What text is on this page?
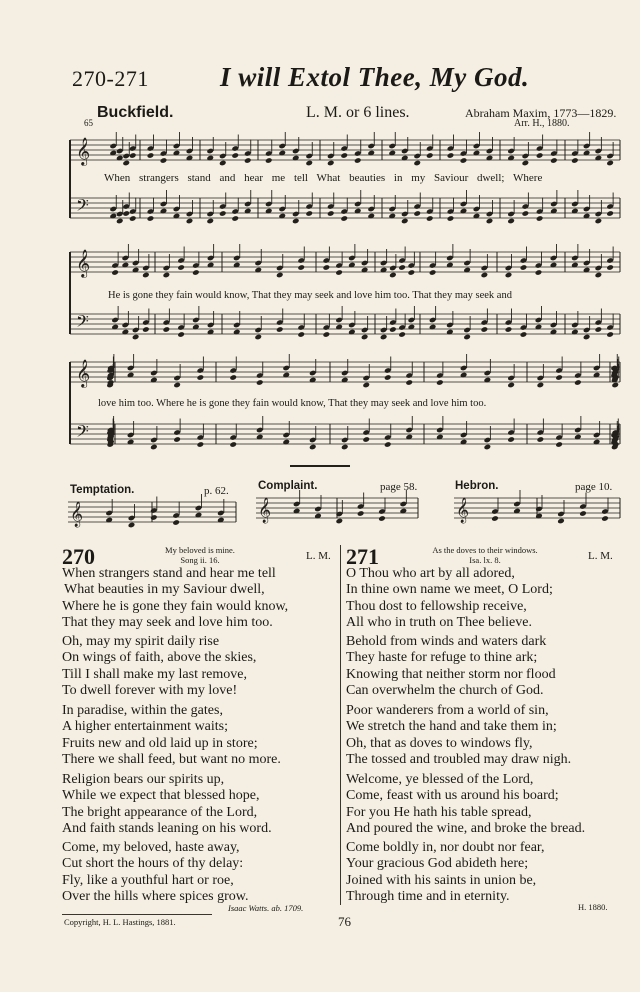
270-271	I will Extol Thee, My God.
Buckfield.
65
L. M. or 6 lines.	Abraham Maxim, 1773—1829.
Arr. H., 1880.
𝄞
𝄢
𝄞
𝄢
𝄞
𝄢
𝄞	𝄞	𝄞
When strangers stand and hear me tell What beauties in my Saviour dwell; Where
He is gone they fain would know, That they may seek and love him too. That they may seek and
love him too. Where he is gone they fain would know, That they may seek and love him too.
Temptation.	p. 62.	Complaint.	page 58.	Hebron.	page 10.
270	My beloved is mine.
Song ii. 16.	L. M.
When strangers stand and hear me tell
What beauties in my Saviour dwell,
Where he is gone they fain would know,
That they may seek and love him too.
Oh, may my spirit daily rise
On wings of faith, above the skies,
Till I shall make my last remove,
To dwell forever with my love!
In paradise, within the gates,
A higher entertainment waits;
Fruits new and old laid up in store;
There we shall feed, but want no more.
Religion bears our spirits up,
While we expect that blessed hope,
The bright appearance of the Lord,
And faith stands leaning on his word.
Come, my beloved, haste away,
Cut short the hours of thy delay:
Fly, like a youthful hart or roe,
Over the hills where spices grow.
Isaac Watts. ab. 1709.
271	As the doves to their windows.
Isa. lx. 8.	L. M.
O Thou who art by all adored,
In thine own name we meet, O Lord;
Thou dost to fellowship receive,
All who in truth on Thee believe.
Behold from winds and waters dark
They haste for refuge to thine ark;
Knowing that neither storm nor flood
Can overwhelm the church of God.
Poor wanderers from a world of sin,
We stretch the hand and take them in;
Oh, that as doves to windows fly,
The tossed and troubled may draw nigh.
Welcome, ye blessed of the Lord,
Come, feast with us around his board;
For you He hath his table spread,
And poured the wine, and broke the bread.
Come boldly in, nor doubt nor fear,
Your gracious God abideth here;
Joined with his saints in union be,
Through time and in eternity.
H. 1880.
Copyright, H. L. Hastings, 1881.	76
